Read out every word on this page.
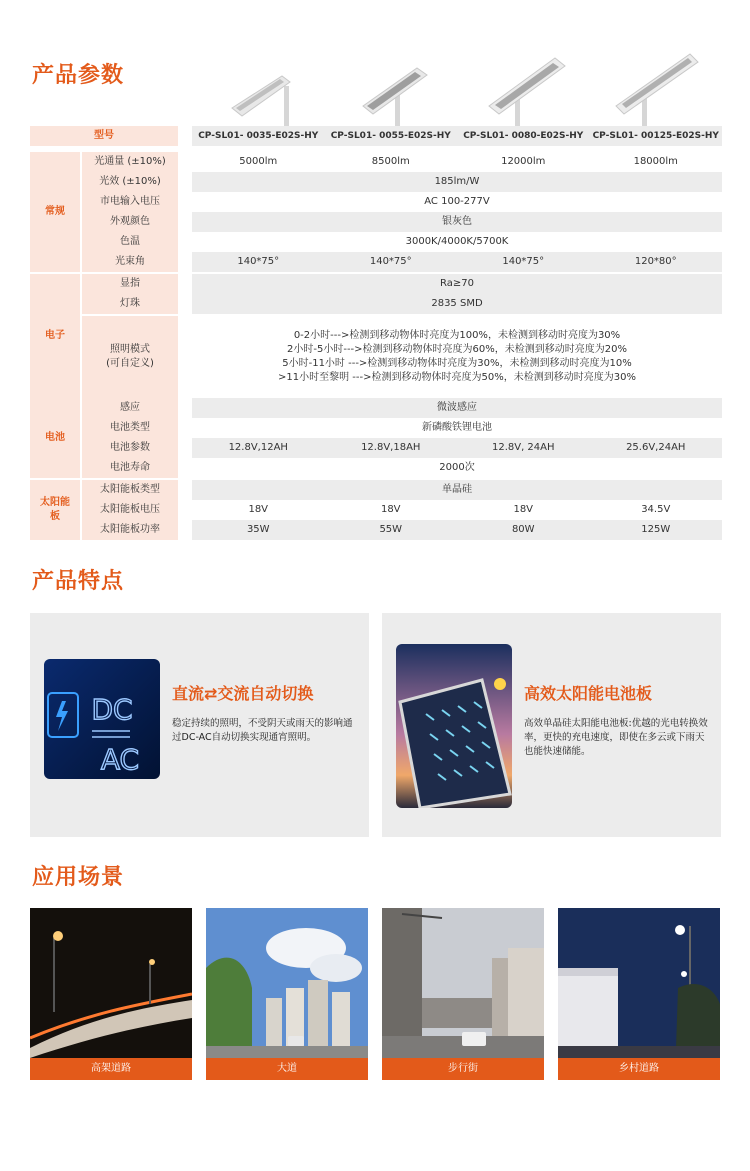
产品参数
型号	CP-SL01- 0035-E02S-HY	CP-SL01- 0055-E02S-HY	CP-SL01- 0080-E02S-HY	CP-SL01- 00125-E02S-HY
常规
光通量 (±10%)	5000lm	8500lm	12000lm	18000lm
光效 (±10%)	185lm/W
市电输入电压	AC 100-277V
外观颜色	银灰色
色温	3000K/4000K/5700K
光束角	140*75°	140*75°	140*75°	120*80°
电子
显指	Ra≥70
灯珠	2835 SMD
照明模式
(可自定义)
0-2小时--->检测到移动物体时亮度为100%，未检测到移动时亮度为30%
2小时-5小时--->检测到移动物体时亮度为60%，未检测到移动时亮度为20%
5小时-11小时 --->检测到移动物体时亮度为30%，未检测到移动时亮度为10%
>11小时至黎明 --->检测到移动物体时亮度为50%，未检测到移动时亮度为30%
电池
感应	微波感应
电池类型	新磷酸铁锂电池
电池参数	12.8V,12AH	12.8V,18AH	12.8V, 24AH	25.6V,24AH
电池寿命	2000次
太阳能板
太阳能板类型	单晶硅
太阳能板电压	18V	18V	18V	34.5V
太阳能板功率	35W	55W	80W	125W
产品特点
DC
AC
直流⇄交流自动切换
稳定持续的照明，不受阴天或雨天的影响通过DC-AC自动切换实现通宵照明。
高效太阳能电池板
高效单晶硅太阳能电池板:优越的光电转换效率，更快的充电速度，即使在多云或下雨天也能快速储能。
应用场景
高架道路	大道	步行街	乡村道路
